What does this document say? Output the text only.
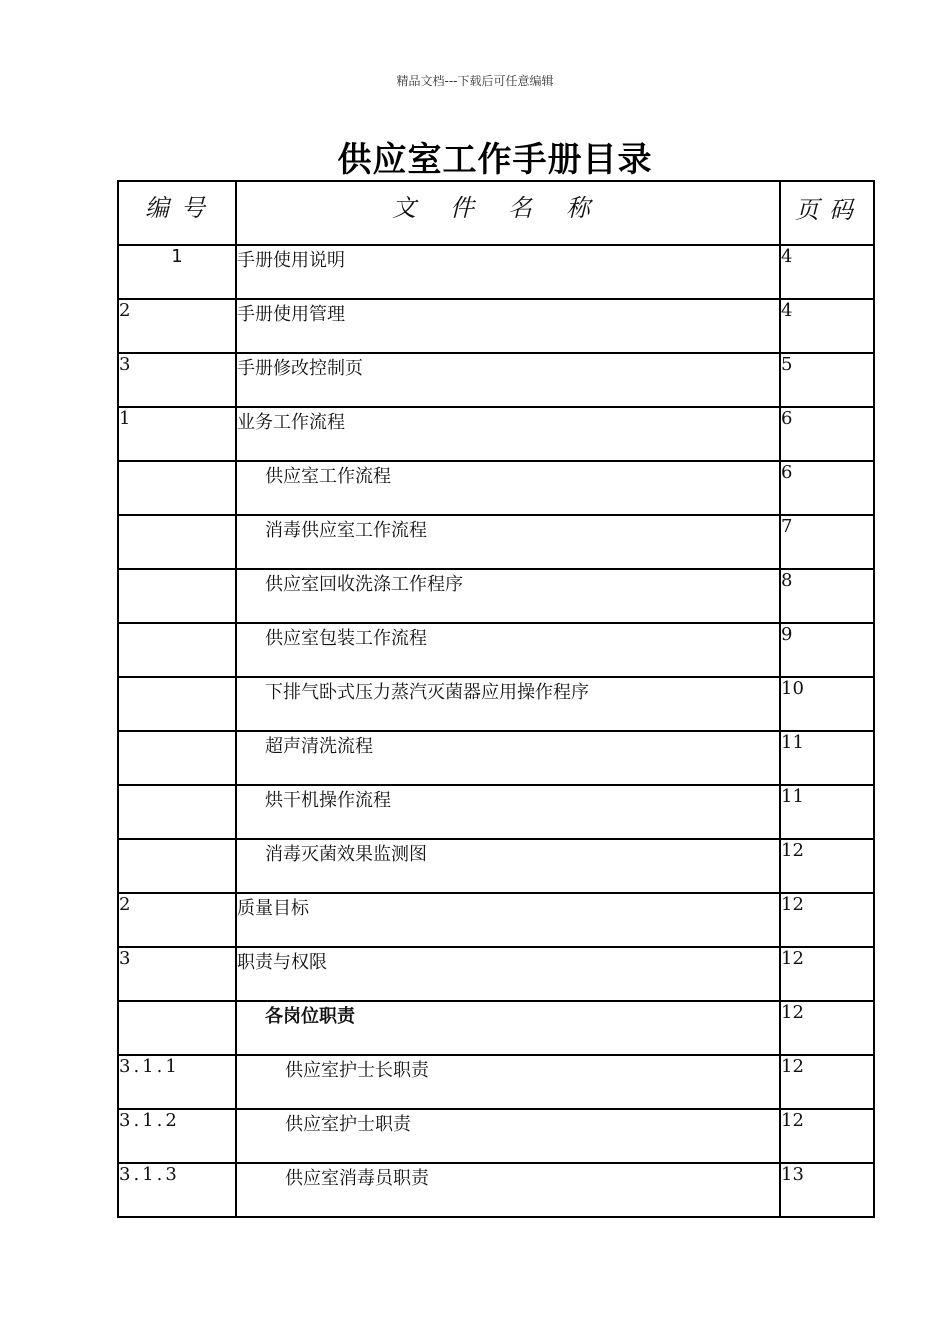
精品文档---下载后可任意编辑
供应室工作手册目录
编号	文件名称	页码
1	手册使用说明	4
2	手册使用管理	4
3	手册修改控制页	5
1	业务工作流程	6
	供应室工作流程	6
	消毒供应室工作流程	7
	供应室回收洗涤工作程序	8
	供应室包装工作流程	9
	下排气卧式压力蒸汽灭菌器应用操作程序	10
	超声清洗流程	11
	烘干机操作流程	11
	消毒灭菌效果监测图	12
2	质量目标	12
3	职责与权限	12
	各岗位职责	12
3.1.1	供应室护士长职责	12
3.1.2	供应室护士职责	12
3.1.3	供应室消毒员职责	13
